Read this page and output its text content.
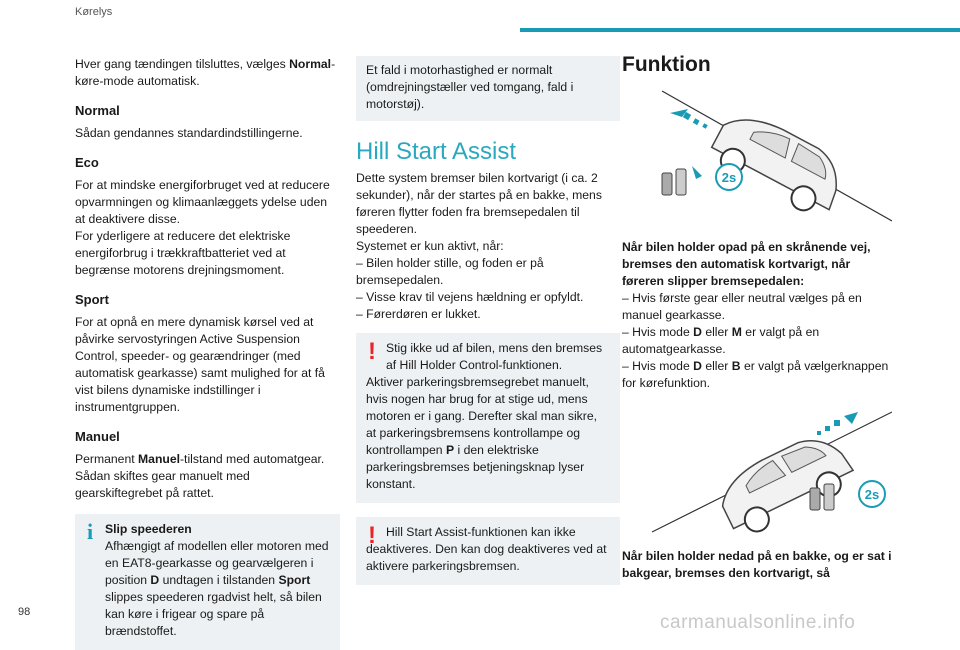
Kørelys

Hver gang tændingen tilsluttes, vælges Normal-køre-mode automatisk.

Normal

Sådan gendannes standardindstillingerne.

Eco

For at mindske energiforbruget ved at reducere opvarmningen og klimaanlæggets ydelse uden at deaktivere disse.

For yderligere at reducere det elektriske energiforbrug i trækkraftbatteriet ved at begrænse motorens drejningsmoment.

Sport

For at opnå en mere dynamisk kørsel ved at påvirke servostyringen Active Suspension Control, speeder- og gearændringer (med automatisk gearkasse) samt mulighed for at få vist bilens dynamiske indstillinger i instrumentgruppen.

Manuel

Permanent Manuel-tilstand med automatgear. Sådan skiftes gear manuelt med gearskiftegrebet på rattet.

i Slip speederen

Afhængigt af modellen eller motoren med en EAT8-gearkasse og gearvælgeren i position D undtagen i tilstanden Sport slippes speederen rgadvist helt, så bilen kan køre i frigear og spare på brændstoffet.

Et fald i motorhastighed er normalt (omdrejningstæller ved tomgang, fald i motorstøj).

Hill Start Assist

Dette system bremser bilen kortvarigt (i ca. 2 sekunder), når der startes på en bakke, mens føreren flytter foden fra bremsepedalen til speederen.

Systemet er kun aktivt, når:

– Bilen holder stille, og foden er på bremsepedalen.

– Visse krav til vejens hældning er opfyldt.

– Førerdøren er lukket.

! Stig ikke ud af bilen, mens den bremses af Hill Holder Control-funktionen.

Aktiver parkeringsbremsegrebet manuelt, hvis nogen har brug for at stige ud, mens motoren er i gang. Derefter skal man sikre, at parkeringsbremsens kontrollampe og kontrollampen P i den elektriske parkeringsbremses betjeningsknap lyser konstant.

! Hill Start Assist-funktionen kan ikke deaktiveres. Den kan dog deaktiveres ved at aktivere parkeringsbremsen.

Funktion

2s

Når bilen holder opad på en skrånende vej, bremses den automatisk kortvarigt, når føreren slipper bremsepedalen:

– Hvis første gear eller neutral vælges på en manuel gearkasse.

– Hvis mode D eller M er valgt på en automatgearkasse.

– Hvis mode D eller B er valgt på vælgerknappen for kørefunktion.

2s

Når bilen holder nedad på en bakke, og er sat i bakgear, bremses den kortvarigt, så

98	carmanualsonline.info
